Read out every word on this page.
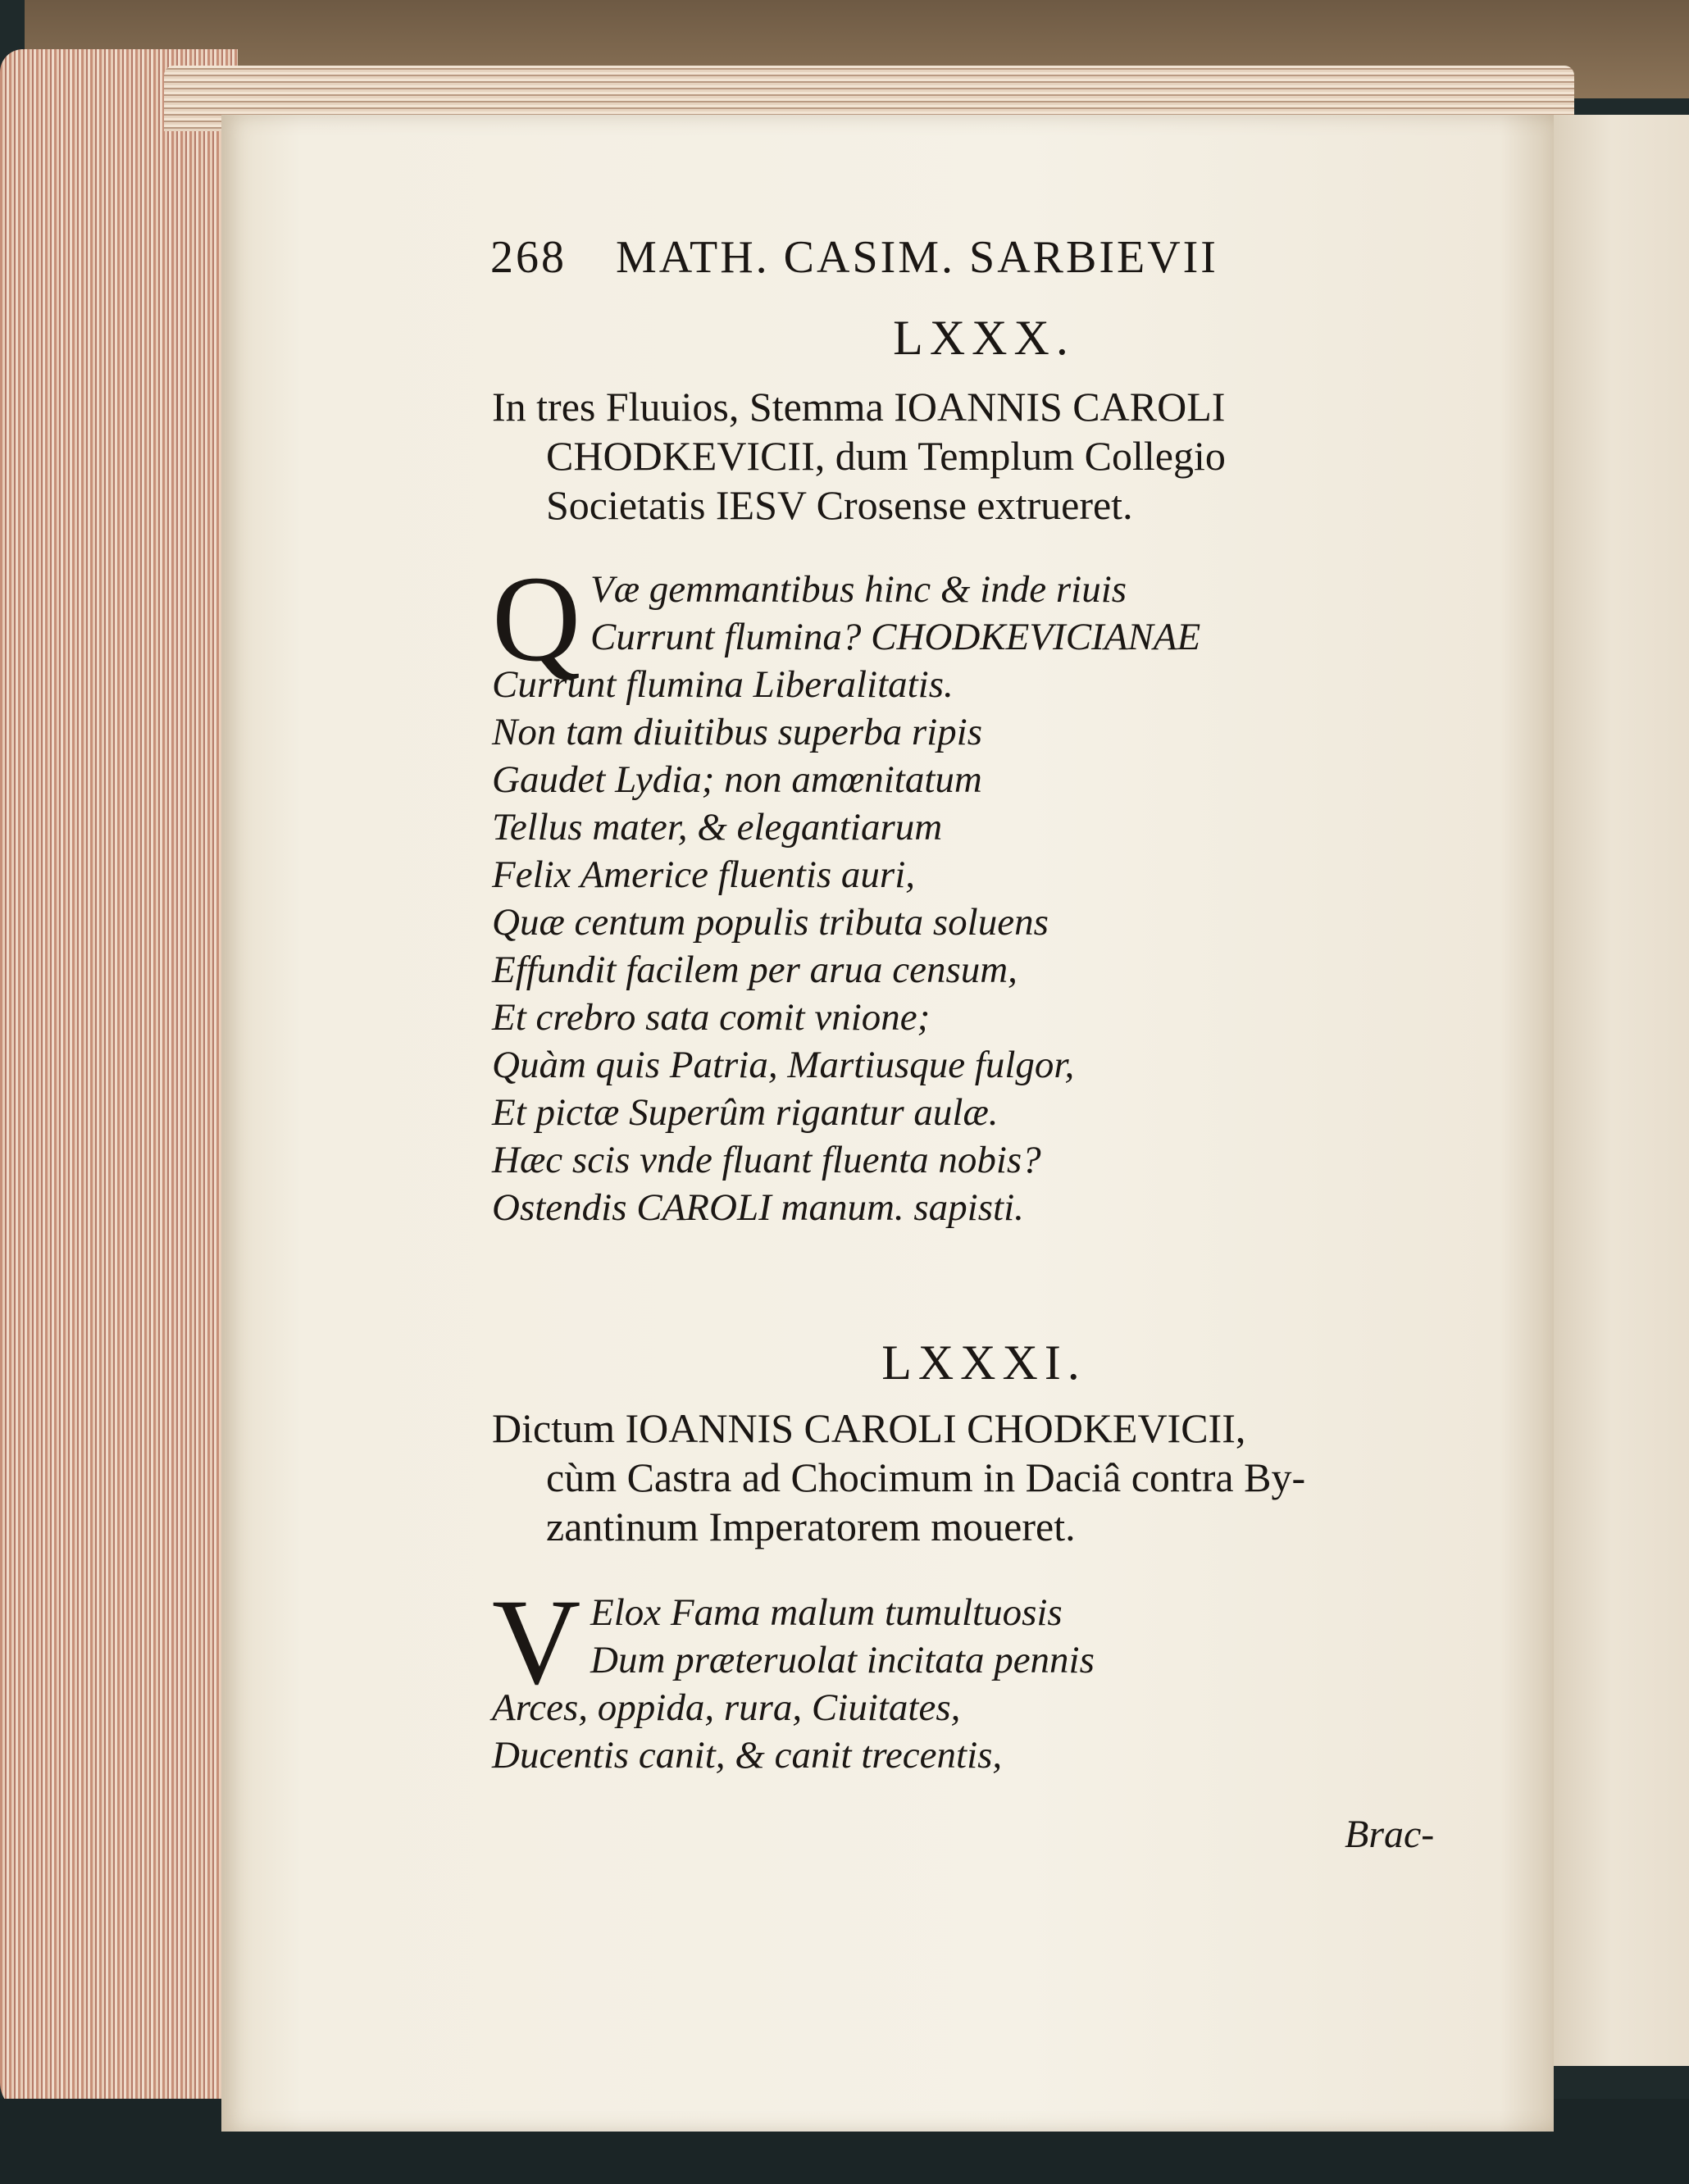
268 MATH. CASIM. SARBIEVII
LXXX.
In tres Fluuios, Stemma IOANNIS CAROLI
CHODKEVICII, dum Templum Collegio
Societatis IESV Crosense extrueret.
Q Væ gemmantibus hinc & inde riuis
Currunt flumina? CHODKEVICIANAE
Currunt flumina Liberalitatis.
Non tam diuitibus superba ripis
Gaudet Lydia; non amœnitatum
Tellus mater, & elegantiarum
Felix Americe fluentis auri,
Quæ centum populis tributa soluens
Effundit facilem per arua censum,
Et crebro sata comit vnione;
Quàm quis Patria, Martiusque fulgor,
Et pictæ Superûm rigantur aulæ.
Hæc scis vnde fluant fluenta nobis?
Ostendis CAROLI manum. sapisti.
LXXXI.
Dictum IOANNIS CAROLI CHODKEVICII,
cùm Castra ad Chocimum in Daciâ contra By-
zantinum Imperatorem moueret.
V Elox Fama malum tumultuosis
Dum præteruolat incitata pennis
Arces, oppida, rura, Ciuitates,
Ducentis canit, & canit trecentis,
Brac-
